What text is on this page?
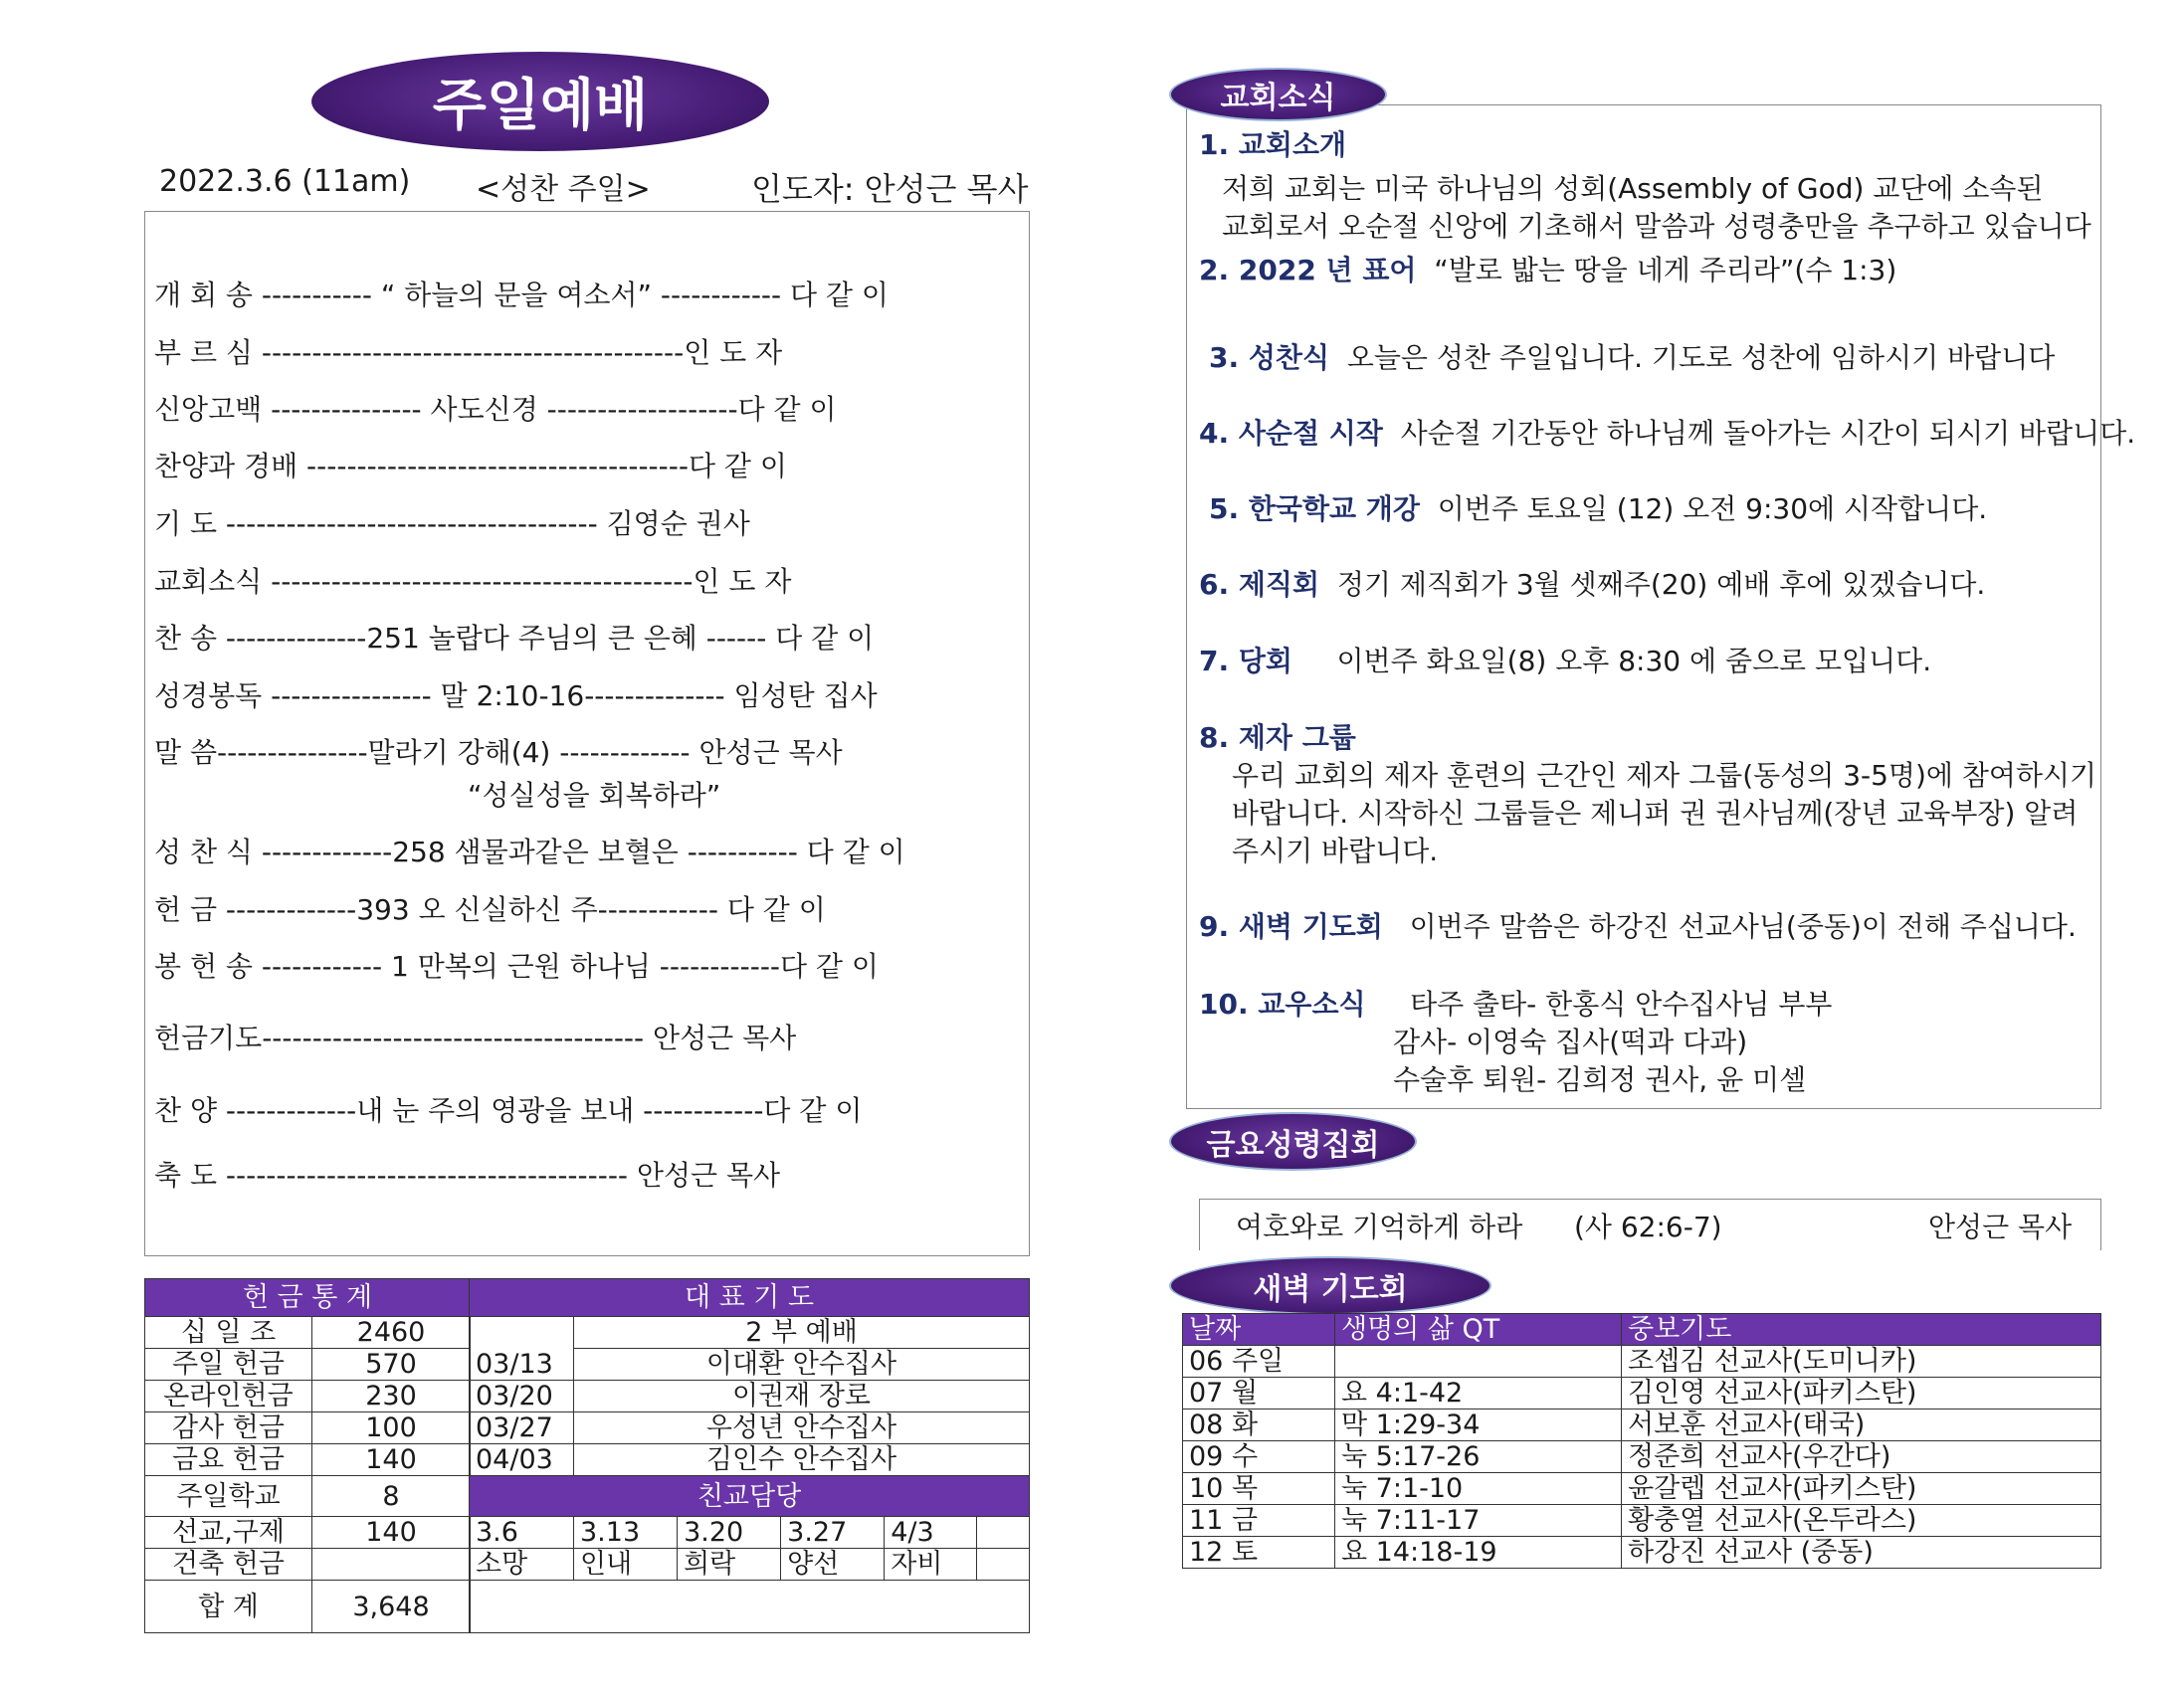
주일예배
2022.3.6 (11am) <성찬 주일>	인도자: 안성근 목사
개 회 송 ----------- “ 하늘의 문을 여소서” ------------ 다 같 이
부 르 심 ------------------------------------------인 도 자
신앙고백 --------------- 사도신경 -------------------다 같 이
찬양과 경배 --------------------------------------다 같 이
기 도 ------------------------------------- 김영순 권사
교회소식 ------------------------------------------인 도 자
찬 송 --------------251 놀랍다 주님의 큰 은혜 ------ 다 같 이
성경봉독 ---------------- 말 2:10-16-------------- 임성탄 집사
말 씀---------------말라기 강해(4) ------------- 안성근 목사
“성실성을 회복하라”
성 찬 식 -------------258 샘물과같은 보혈은 ----------- 다 같 이
헌 금 -------------393 오 신실하신 주------------ 다 같 이
봉 헌 송 ------------ 1 만복의 근원 하나님 ------------다 같 이
헌금기도-------------------------------------- 안성근 목사
찬 양 -------------내 눈 주의 영광을 보내 ------------다 같 이
축 도 ---------------------------------------- 안성근 목사
헌 금 통 계	
십 일 조	2460
주일 헌금	570
온라인헌금	230
감사 헌금	100
금요 헌금	140
주일학교	8
선교,구제	140
건축 헌금	
합 계	3,648
대 표 기 도					
	2 부 예배				
03/13	이대환 안수집사				
03/20	이권재 장로				
03/27	우성년 안수집사				
04/03	김인수 안수집사				
친교담당					
3.6	3.13	3.20	3.27	4/3	
소망	인내	희락	양선	자비	

교회소식
1. 교회소개
저희 교회는 미국 하나님의 성회(Assembly of God) 교단에 소속된
교회로서 오순절 신앙에 기초해서 말씀과 성령충만을 추구하고 있습니다
2. 2022 년 표어 “발로 밟는 땅을 네게 주리라”(수 1:3)
3. 성찬식 오늘은 성찬 주일입니다. 기도로 성찬에 임하시기 바랍니다
4. 사순절 시작 사순절 기간동안 하나님께 돌아가는 시간이 되시기 바랍니다.
5. 한국학교 개강 이번주 토요일 (12) 오전 9:30에 시작합니다.
6. 제직회 정기 제직회가 3월 셋째주(20) 예배 후에 있겠습니다.
7. 당회 이번주 화요일(8) 오후 8:30 에 줌으로 모입니다.
8. 제자 그룹
우리 교회의 제자 훈련의 근간인 제자 그룹(동성의 3-5명)에 참여하시기
바랍니다. 시작하신 그룹들은 제니퍼 권 권사님께(장년 교육부장) 알려
주시기 바랍니다.
9. 새벽 기도회 이번주 말씀은 하강진 선교사님(중동)이 전해 주십니다.
10. 교우소식 타주 출타- 한홍식 안수집사님 부부
감사- 이영숙 집사(떡과 다과)
수술후 퇴원- 김희정 권사, 윤 미셀
금요성령집회
여호와로 기억하게 하라 (사 62:6-7)	안성근 목사
새벽 기도회
날짜	생명의 삶 QT	중보기도
06 주일		조셉김 선교사(도미니카)
07 월	요 4:1-42	김인영 선교사(파키스탄)
08 화	막 1:29-34	서보훈 선교사(태국)
09 수	눅 5:17-26	정준희 선교사(우간다)
10 목	눅 7:1-10	윤갈렙 선교사(파키스탄)
11 금	눅 7:11-17	황충열 선교사(온두라스)
12 토	요 14:18-19	하강진 선교사 (중동)
